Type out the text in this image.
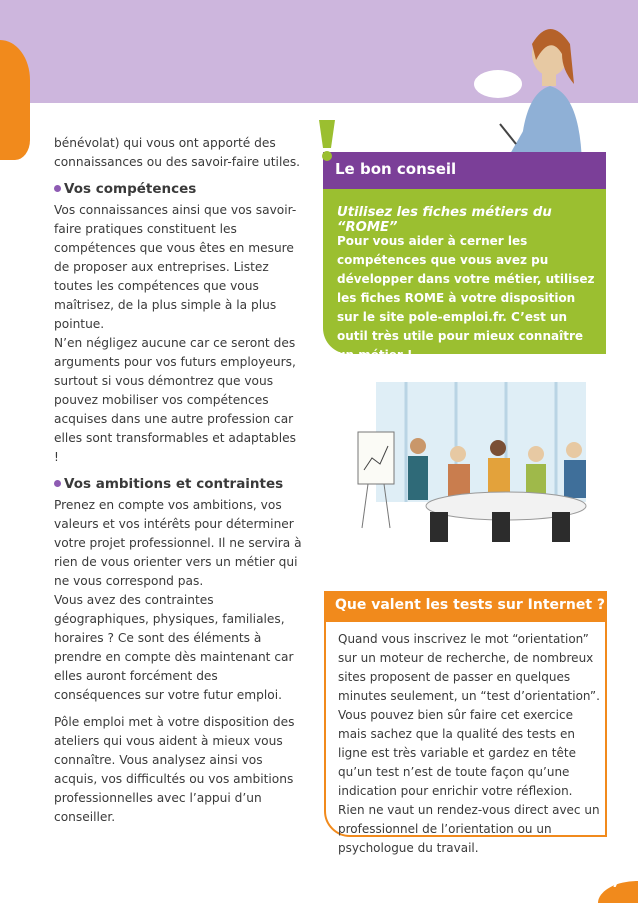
bénévolat) qui vous ont apporté des connaissances ou des savoir-faire utiles.

Vos compétences

Vos connaissances ainsi que vos savoir-faire pratiques constituent les compétences que vous êtes en mesure de proposer aux entreprises. Listez toutes les compétences que vous maîtrisez, de la plus simple à la plus pointue.

N’en négligez aucune car ce seront des arguments pour vos futurs employeurs, surtout si vous démontrez que vous pouvez mobiliser vos compétences acquises dans une autre profession car elles sont transformables et adaptables !

Vos ambitions et contraintes

Prenez en compte vos ambitions, vos valeurs et vos intérêts pour déterminer votre projet professionnel. Il ne servira à rien de vous orienter vers un métier qui ne vous correspond pas.

Vous avez des contraintes géographiques, physiques, familiales, horaires ? Ce sont des éléments à prendre en compte dès maintenant car elles auront forcément des conséquences sur votre futur emploi.

Pôle emploi met à votre disposition des ateliers qui vous aident à mieux vous connaître. Vous analysez ainsi vos acquis, vos difficultés ou vos ambitions professionnelles avec l’appui d’un conseiller.

Le bon conseil
Utilisez les fiches métiers du “ROME”
Pour vous aider à cerner les compétences que vous avez pu développer dans votre métier, utilisez les fiches ROME à votre disposition sur le site pole-emploi.fr. C’est un outil très utile pour mieux connaître un métier !
Que valent les tests sur Internet ?
Quand vous inscrivez le mot “orientation” sur un moteur de recherche, de nombreux sites proposent de passer en quelques minutes seulement, un “test d’orientation”.
Vous pouvez bien sûr faire cet exercice mais sachez que la qualité des tests en ligne est très variable et gardez en tête qu’un test n’est de toute façon qu’une indication pour enrichir votre réflexion. Rien ne vaut un rendez-vous direct avec un professionnel de l’orientation ou un psychologue du travail.
7
